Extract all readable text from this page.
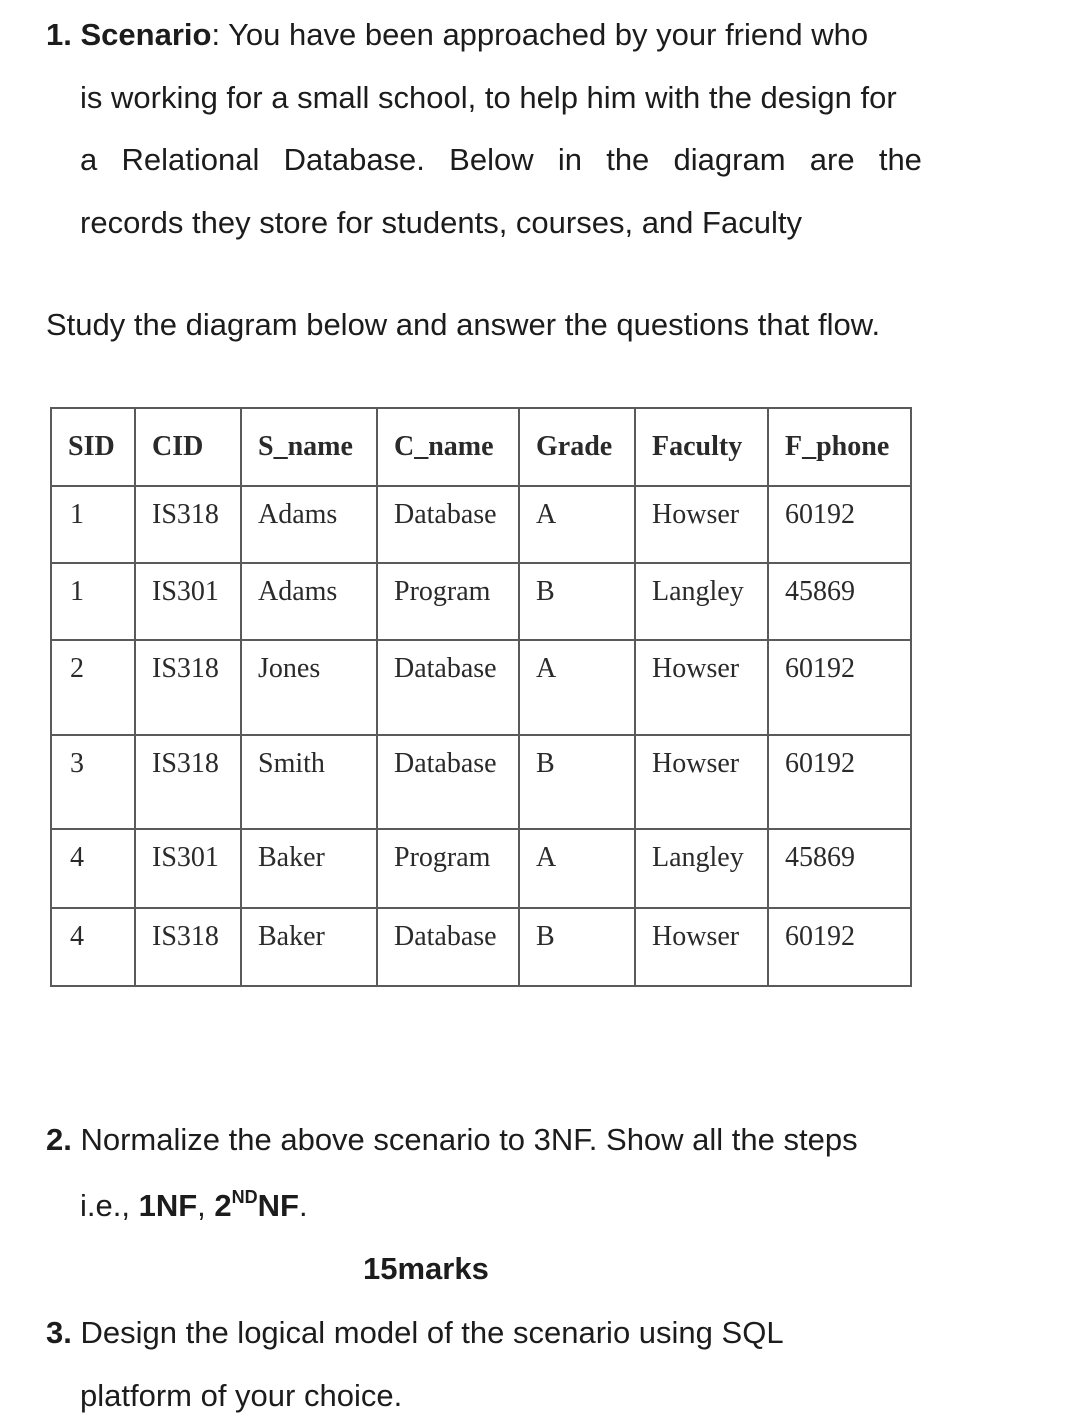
1. Scenario: You have been approached by your friend who
is working for a small school, to help him with the design for
a Relational Database. Below in the diagram are the
records they store for students, courses, and Faculty
Study the diagram below and answer the questions that flow.
SID	CID	S_name	C_name	Grade	Faculty	F_phone
1	IS318	Adams	Database	A	Howser	60192
1	IS301	Adams	Program	B	Langley	45869
2	IS318	Jones	Database	A	Howser	60192
3	IS318	Smith	Database	B	Howser	60192
4	IS301	Baker	Program	A	Langley	45869
4	IS318	Baker	Database	B	Howser	60192
2. Normalize the above scenario to 3NF. Show all the steps
i.e., 1NF, 2NDNF.
15marks
3. Design the logical model of the scenario using SQL
platform of your choice.
